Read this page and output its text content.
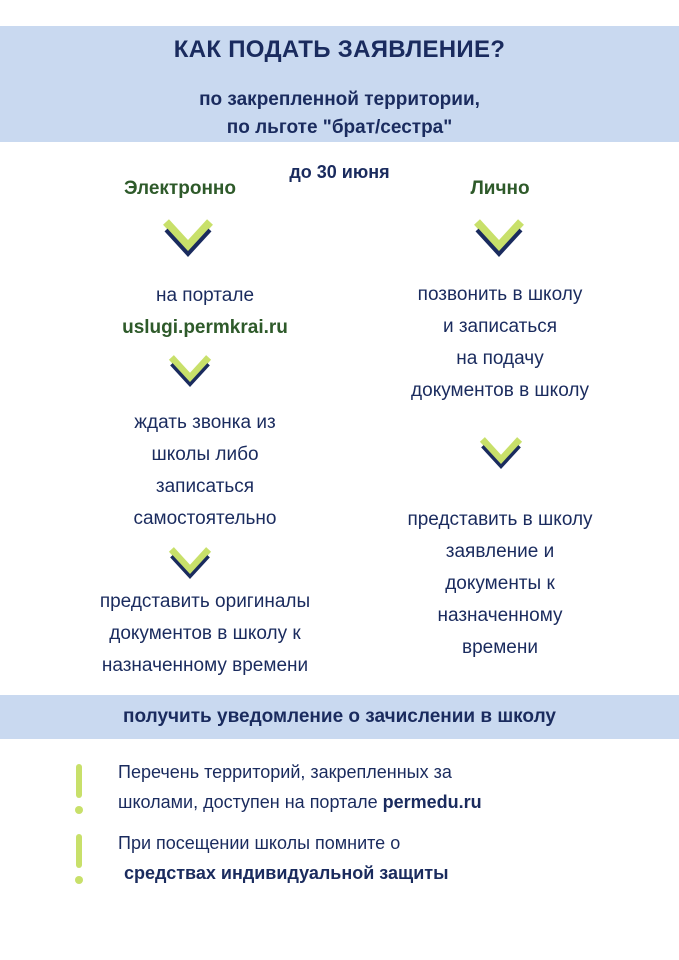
КАК ПОДАТЬ ЗАЯВЛЕНИЕ?
по закрепленной территории,
по льготе "брат/сестра"
до 30 июня
Электронно	Лично
на портале
uslugi.permkrai.ru
ждать звонка из
школы либо
записаться
самостоятельно
представить оригиналы
документов в школу к
назначенному времени
позвонить в школу
и записаться
на подачу
документов в школу
представить в школу
заявление и
документы к
назначенному
времени
получить уведомление о зачислении в школу
Перечень территорий, закрепленных за
школами, доступен на портале permedu.ru
При посещении школы помните о
средствах индивидуальной защиты
